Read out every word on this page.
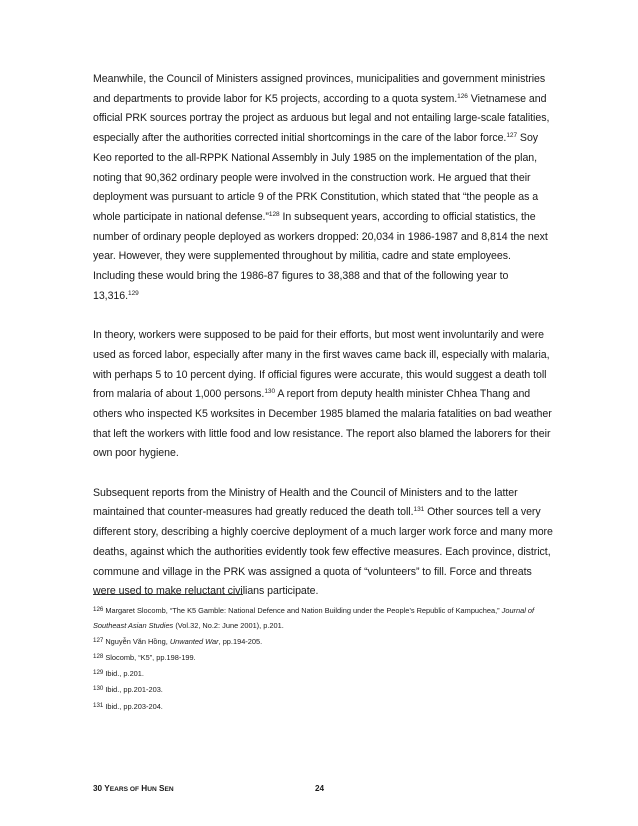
Meanwhile, the Council of Ministers assigned provinces, municipalities and government ministries and departments to provide labor for K5 projects, according to a quota system.$^{126}$ Vietnamese and official PRK sources portray the project as arduous but legal and not entailing large-scale fatalities, especially after the authorities corrected initial shortcomings in the care of the labor force.$^{127}$ Soy Keo reported to the all-RPPK National Assembly in July 1985 on the implementation of the plan, noting that 90,362 ordinary people were involved in the construction work. He argued that their deployment was pursuant to article 9 of the PRK Constitution, which stated that “the people as a whole participate in national defense.”$^{128}$ In subsequent years, according to official statistics, the number of ordinary people deployed as workers dropped: 20,034 in 1986-1987 and 8,814 the next year. However, they were supplemented throughout by militia, cadre and state employees. Including these would bring the 1986-87 figures to 38,388 and that of the following year to 13,316.$^{129}$

In theory, workers were supposed to be paid for their efforts, but most went involuntarily and were used as forced labor, especially after many in the first waves came back ill, especially with malaria, with perhaps 5 to 10 percent dying. If official figures were accurate, this would suggest a death toll from malaria of about 1,000 persons.$^{130}$ A report from deputy health minister Chhea Thang and others who inspected K5 worksites in December 1985 blamed the malaria fatalities on bad weather that left the workers with little food and low resistance. The report also blamed the laborers for their own poor hygiene.

Subsequent reports from the Ministry of Health and the Council of Ministers and to the latter maintained that counter-measures had greatly reduced the death toll.$^{131}$ Other sources tell a very different story, describing a highly coercive deployment of a much larger work force and many more deaths, against which the authorities evidently took few effective measures. Each province, district, commune and village in the PRK was assigned a quota of “volunteers” to fill. Force and threats were used to make reluctant civilians participate.

$^{126}$ Margaret Slocomb, “The K5 Gamble: National Defence and Nation Building under the People’s Republic of Kampuchea,” Journal of Southeast Asian Studies (Vol.32, No.2: June 2001), p.201.

$^{127}$ Nguyễn Văn Hồng, Unwanted War, pp.194-205.

$^{128}$ Slocomb, “K5”, pp.198-199.

$^{129}$ Ibid., p.201.

$^{130}$ Ibid., pp.201-203.

$^{131}$ Ibid., pp.203-204.

30 YEARS OF HUN SEN	24
